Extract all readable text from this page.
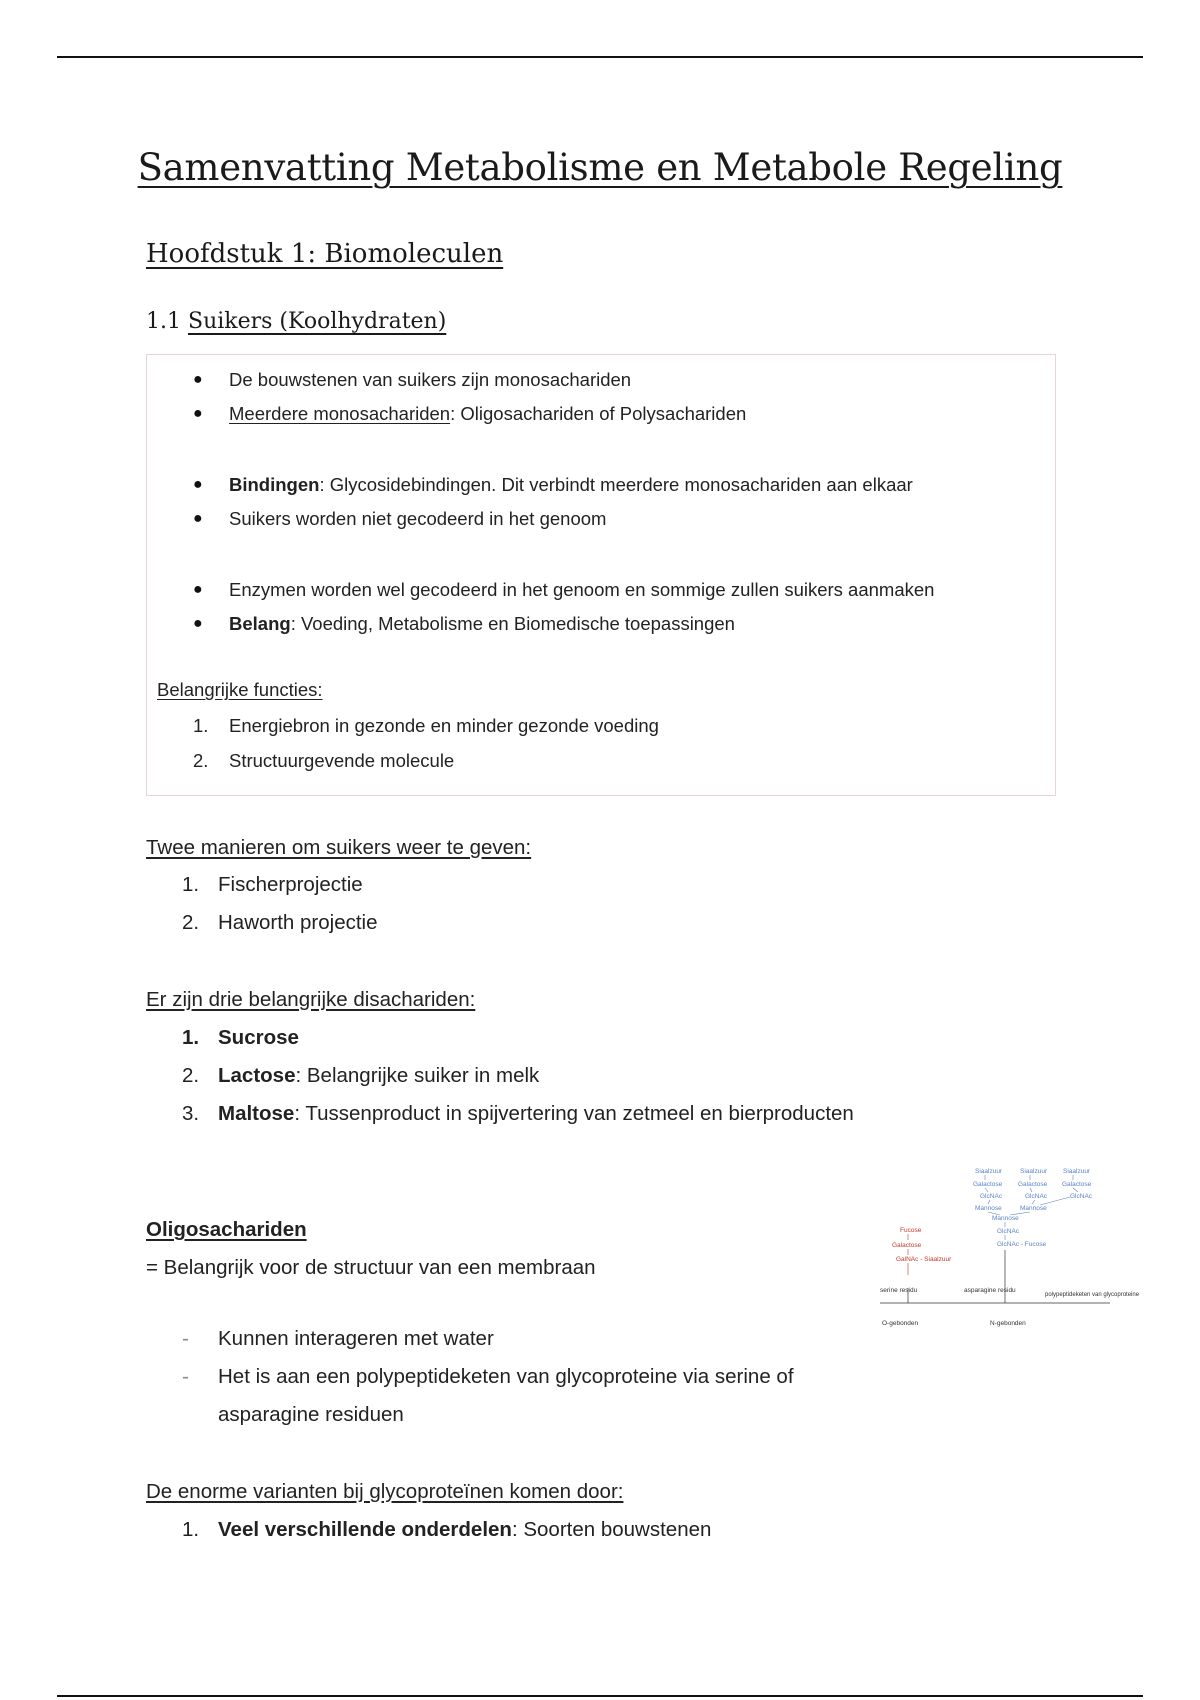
Samenvatting Metabolisme en Metabole Regeling
Hoofdstuk 1: Biomoleculen
1.1 Suikers (Koolhydraten)
● De bouwstenen van suikers zijn monosachariden
● Meerdere monosachariden: Oligosachariden of Polysachariden
● Bindingen: Glycosidebindingen. Dit verbindt meerdere monosachariden aan elkaar
● Suikers worden niet gecodeerd in het genoom
● Enzymen worden wel gecodeerd in het genoom en sommige zullen suikers aanmaken
● Belang: Voeding, Metabolisme en Biomedische toepassingen
Belangrijke functies:
1. Energiebron in gezonde en minder gezonde voeding
2. Structuurgevende molecule
Twee manieren om suikers weer te geven:
1. Fischerprojectie
2. Haworth projectie
Er zijn drie belangrijke disachariden:
1. Sucrose
2. Lactose: Belangrijke suiker in melk
3. Maltose: Tussenproduct in spijvertering van zetmeel en bierproducten
Oligosachariden
= Belangrijk voor de structuur van een membraan
- Kunnen interageren met water
- Het is aan een polypeptideketen van glycoproteine via serine of
asparagine residuen
De enorme varianten bij glycoproteïnen komen door:
1. Veel verschillende onderdelen: Soorten bouwstenen
Siaalzuur	Siaalzuur Siaalzuur
Galactose Galactose Galactose
GlcNAc	GlcNAc	GlcNAc
Mannose
Mannose
Mannose
GlcNAc
GlcNAc - Fucose
Fucose
Galactose
GalNAc - Siaalzuur
serine residu	asparagine residu
polypeptideketen van glycoproteine
O-gebonden	N-gebonden
